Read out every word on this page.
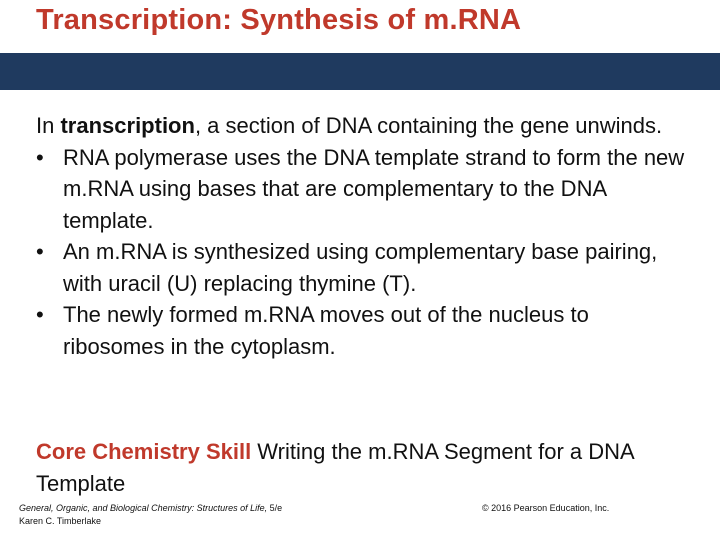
Transcription: Synthesis of m.RNA

In transcription, a section of DNA containing the gene unwinds.

• RNA polymerase uses the DNA template strand to form the new m.RNA using bases that are complementary to the DNA template.
• An m.RNA is synthesized using complementary base pairing, with uracil (U) replacing thymine (T).
• The newly formed m.RNA moves out of the nucleus to ribosomes in the cytoplasm.
Core Chemistry Skill Writing the m.RNA Segment for a DNA Template
General, Organic, and Biological Chemistry: Structures of Life, 5/e
Karen C. Timberlake
© 2016 Pearson Education, Inc.
